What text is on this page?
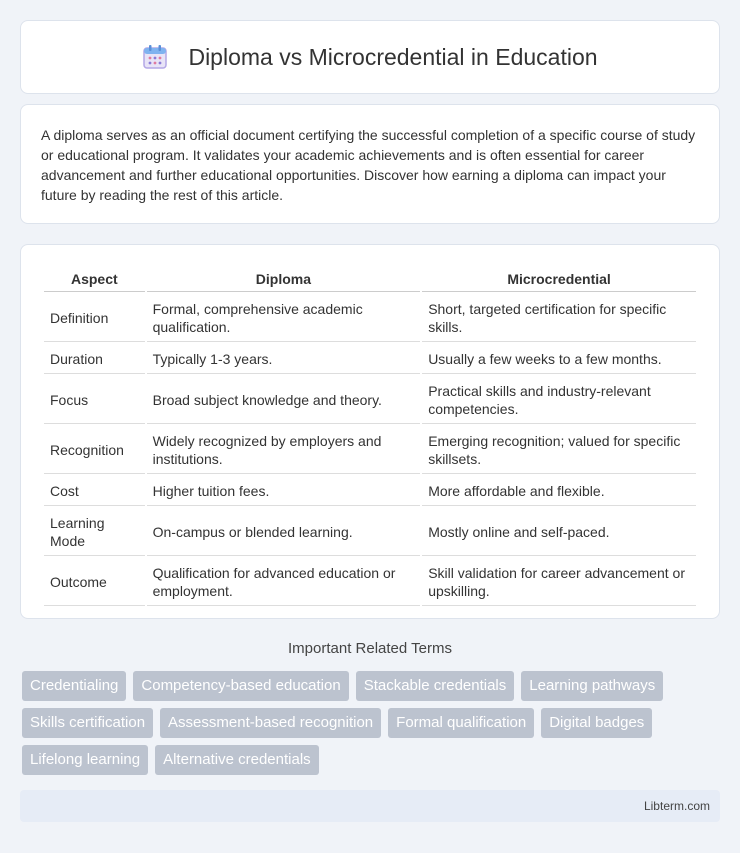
Diploma vs Microcredential in Education

A diploma serves as an official document certifying the successful completion of a specific course of study or educational program. It validates your academic achievements and is often essential for career advancement and further educational opportunities. Discover how earning a diploma can impact your future by reading the rest of this article.

Aspect	Diploma	Microcredential
Definition	Formal, comprehensive academic qualification.	Short, targeted certification for specific skills.
Duration	Typically 1-3 years.	Usually a few weeks to a few months.
Focus	Broad subject knowledge and theory.	Practical skills and industry-relevant competencies.
Recognition	Widely recognized by employers and institutions.	Emerging recognition; valued for specific skillsets.
Cost	Higher tuition fees.	More affordable and flexible.
Learning Mode	On-campus or blended learning.	Mostly online and self-paced.
Outcome	Qualification for advanced education or employment.	Skill validation for career advancement or upskilling.
Important Related Terms
Credentialing	Competency-based education	Stackable credentials	Learning pathways
Skills certification	Assessment-based recognition	Formal qualification	Digital badges
Lifelong learning	Alternative credentials
Libterm.com
